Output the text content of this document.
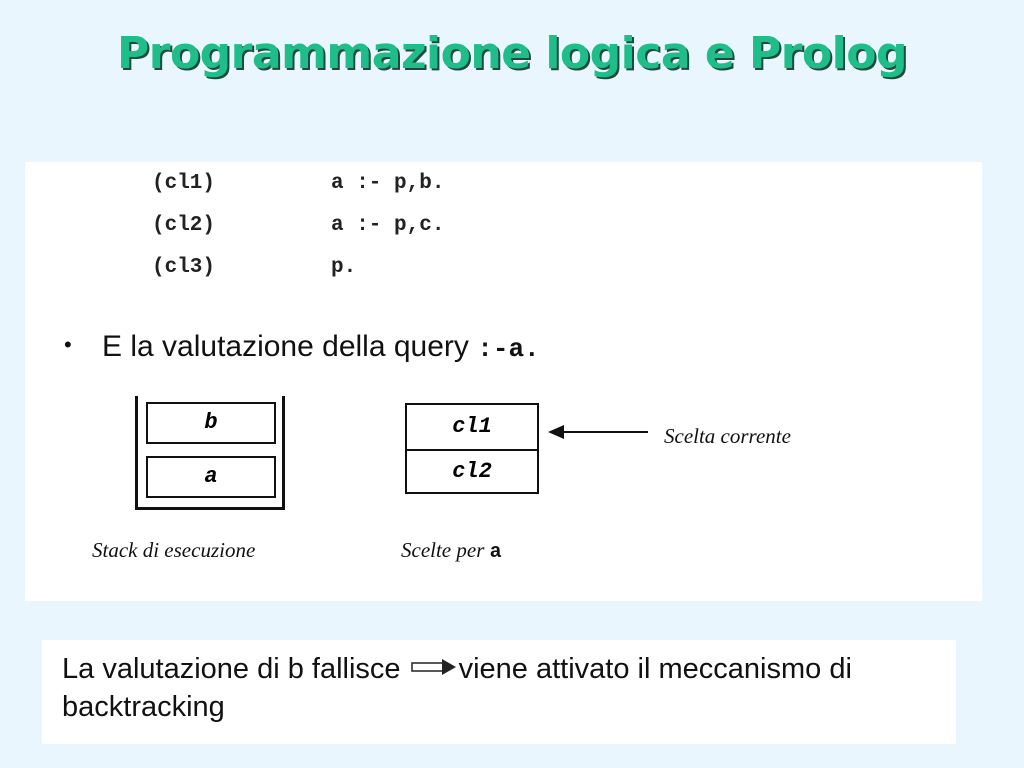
Programmazione logica e Prolog
(cl1)	a :- p,b.
(cl2)	a :- p,c.
(cl3)	p.
• E la valutazione della query :-a.
b
a
cl1
cl2
Scelta corrente
Stack di esecuzione	Scelte per a
La valutazione di b fallisce viene attivato il meccanismo di backtracking
